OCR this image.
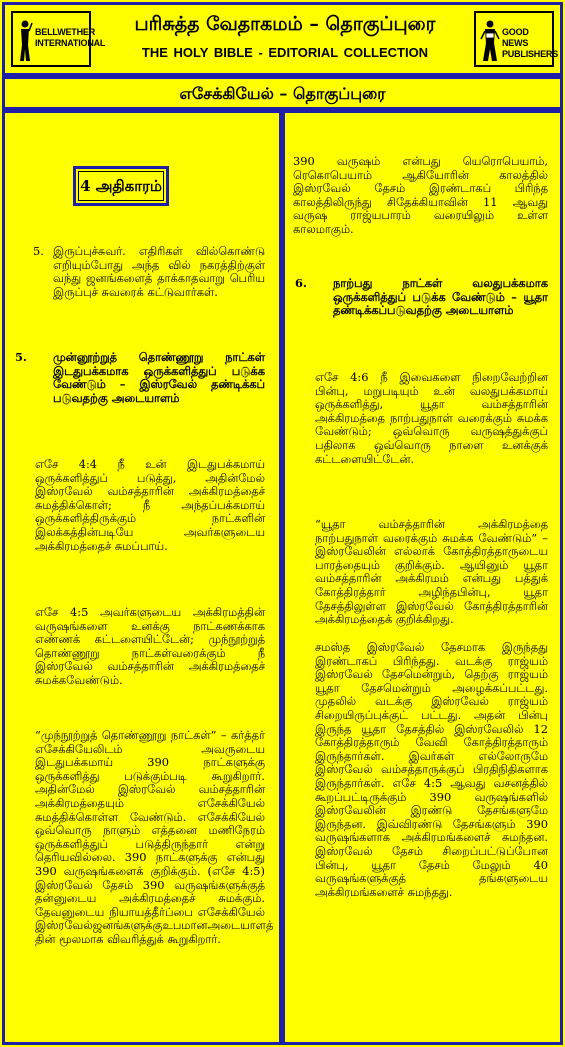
BELLWETHER INTERNATIONAL
பரிசுத்த வேதாகமம் – தொகுப்புரை
THE HOLY BIBLE - EDITORIAL COLLECTION
GOOD NEWS PUBLISHERS
எசேக்கியேல் – தொகுப்புரை
4 அதிகாரம்
5. இருப்புச்சுவர். எதிரிகள் வில்கொண்டு எறியும்போது அந்த வில் நகரத்திற்குள் வந்து ஜனங்களைத் தாக்காதவாறு பெரிய இருப்புச் சுவரைக் கட்டுவார்கள்.
5. முன்னூற்றுத் தொண்ணூறு நாட்கள் இடதுபக்கமாக ஒருக்களித்துப் படுக்க வேண்டும் – இஸ்ரவேல் தண்டிக்கப் படுவதற்கு அடையாளம்
எசே 4:4 நீ உன் இடதுபக்கமாய் ஒருக்களித்துப் படுத்து, அதின்மேல் இஸ்ரவேல் வம்சத்தாரின் அக்கிரமத்தைச் சுமத்திக்கொள்; நீ அந்தப்பக்கமாய் ஒருக்களித்திருக்கும் நாட்களின் இலக்கத்தின்படியே அவர்களுடைய அக்கிரமத்தைச் சுமப்பாய்.
எசே 4:5 அவர்களுடைய அக்கிரமத்தின் வருஷங்களை உனக்கு நாட்கணக்காக எண்ணக் கட்டளையிட்டேன்; முந்நூற்றுத் தொண்ணூறு நாட்கள்வரைக்கும் நீ இஸ்ரவேல் வம்சத்தாரின் அக்கிரமத்தைச் சுமக்கவேண்டும்.
“முந்நூற்றுத் தொண்ணூறு நாட்கள்” – கர்த்தர் எசேக்கியேலிடம் அவருடைய இடதுபக்கமாய் 390 நாட்களுக்கு ஒருக்களித்து படுக்கும்படி கூறுகிறார். அதின்மேல் இஸ்ரவேல் வம்சத்தாரின் அக்கிரமத்தையும் எசேக்கியேல் சுமத்திக்கொள்ள வேண்டும். எசேக்கியேல் ஒவ்வொரு நாளும் எத்தனை மணிநேரம் ஒருக்களித்துப் படுத்திருந்தார் என்று தெரியவில்லை. 390 நாட்களுக்கு என்பது 390 வருஷங்களைக் குறிக்கும். (எசே 4:5) இஸ்ரவேல் தேசம் 390 வருஷங்களுக்குத் தன்னுடைய அக்கிரமத்தைச் சுமக்கும். தேவனுடைய நியாயத்தீர்ப்பை எசேக்கியேல் இஸ்ரவேல்ஜனங்களுக்குஉபமானஅடையாளத் தின் மூலமாக விவரித்துக் கூறுகிறார்.
390 வருஷம் என்பது யெரொபெயாம், ரெகொபெயாம் ஆகியோரின் காலத்தில் இஸ்ரவேல் தேசம் இரண்டாகப் பிரிந்த காலத்திலிருந்து சிதேக்கியாவின் 11 ஆவது வருஷ ராஜ்யபாரம் வரையிலும் உள்ள காலமாகும்.
6. நாற்பது நாட்கள் வலதுபக்கமாக ஒருக்களித்துப் படுக்க வேண்டும் – யூதா தண்டிக்கப்படுவதற்கு அடையாளம்
எசே 4:6 நீ இவைகளை நிறைவேற்றின பின்பு, மறுபடியும் உன் வலதுபக்கமாய் ஒருக்களித்து, யூதா வம்சத்தாரின் அக்கிரமத்தை நாற்பதுநாள் வரைக்கும் சுமக்க வேண்டும்; ஒவ்வொரு வருஷத்துக்குப் பதிலாக ஒவ்வொரு நாளை உனக்குக் கட்டளையிட்டேன்.
“யூதா வம்சத்தாரின் அக்கிரமத்தை நாற்பதுநாள் வரைக்கும் சுமக்க வேண்டும்” – இஸ்ரவேலின் எல்லாக் கோத்திரத்தாருடைய பாரத்தையும் குறிக்கும். ஆயினும் யூதா வம்சத்தாரின் அக்கிரமம் என்பது பத்துக் கோத்திரத்தார் அழிந்தபின்பு, யூதா தேசத்திலுள்ள இஸ்ரவேல் கோத்திரத்தாரின் அக்கிரமத்தைக் குறிக்கிறது.
சமஸ்த இஸ்ரவேல் தேசமாக இருந்தது இரண்டாகப் பிரிந்தது. வடக்கு ராஜ்யம் இஸ்ரவேல் தேசமென்றும், தெற்கு ராஜ்யம் யூதா தேசமென்றும் அழைக்கப்பட்டது. முதலில் வடக்கு இஸ்ரவேல் ராஜ்யம் சிறையிருப்புக்குட் பட்டது. அதன் பின்பு இருந்த யூதா தேசத்தில் இஸ்ரவேலில் 12 கோத்திரத்தாரும் வேவி கோத்திரத்தாரும் இருந்தார்கள். இவர்கள் எல்லோருமே இஸ்ரவேல் வம்சத்தாருக்குப் பிரதிநிதிகளாக இருந்தார்கள். எசே 4:5 ஆவது வசனத்தில் கூறப்பட்டிருக்கும் 390 வருஷங்களில் இஸ்ரவேலின் இரண்டு தேசங்களுமே இருந்தன. இவ்விரண்டு தேசங்களும் 390 வருஷங்களாக அக்கிரமங்களைச் சுமந்தன. இஸ்ரவேல் தேசம் சிறைப்பட்டுப்போன பின்பு, யூதா தேசம் மேலும் 40 வருஷங்களுக்குத் தங்களுடைய அக்கிரமங்களைச் சுமந்தது.
